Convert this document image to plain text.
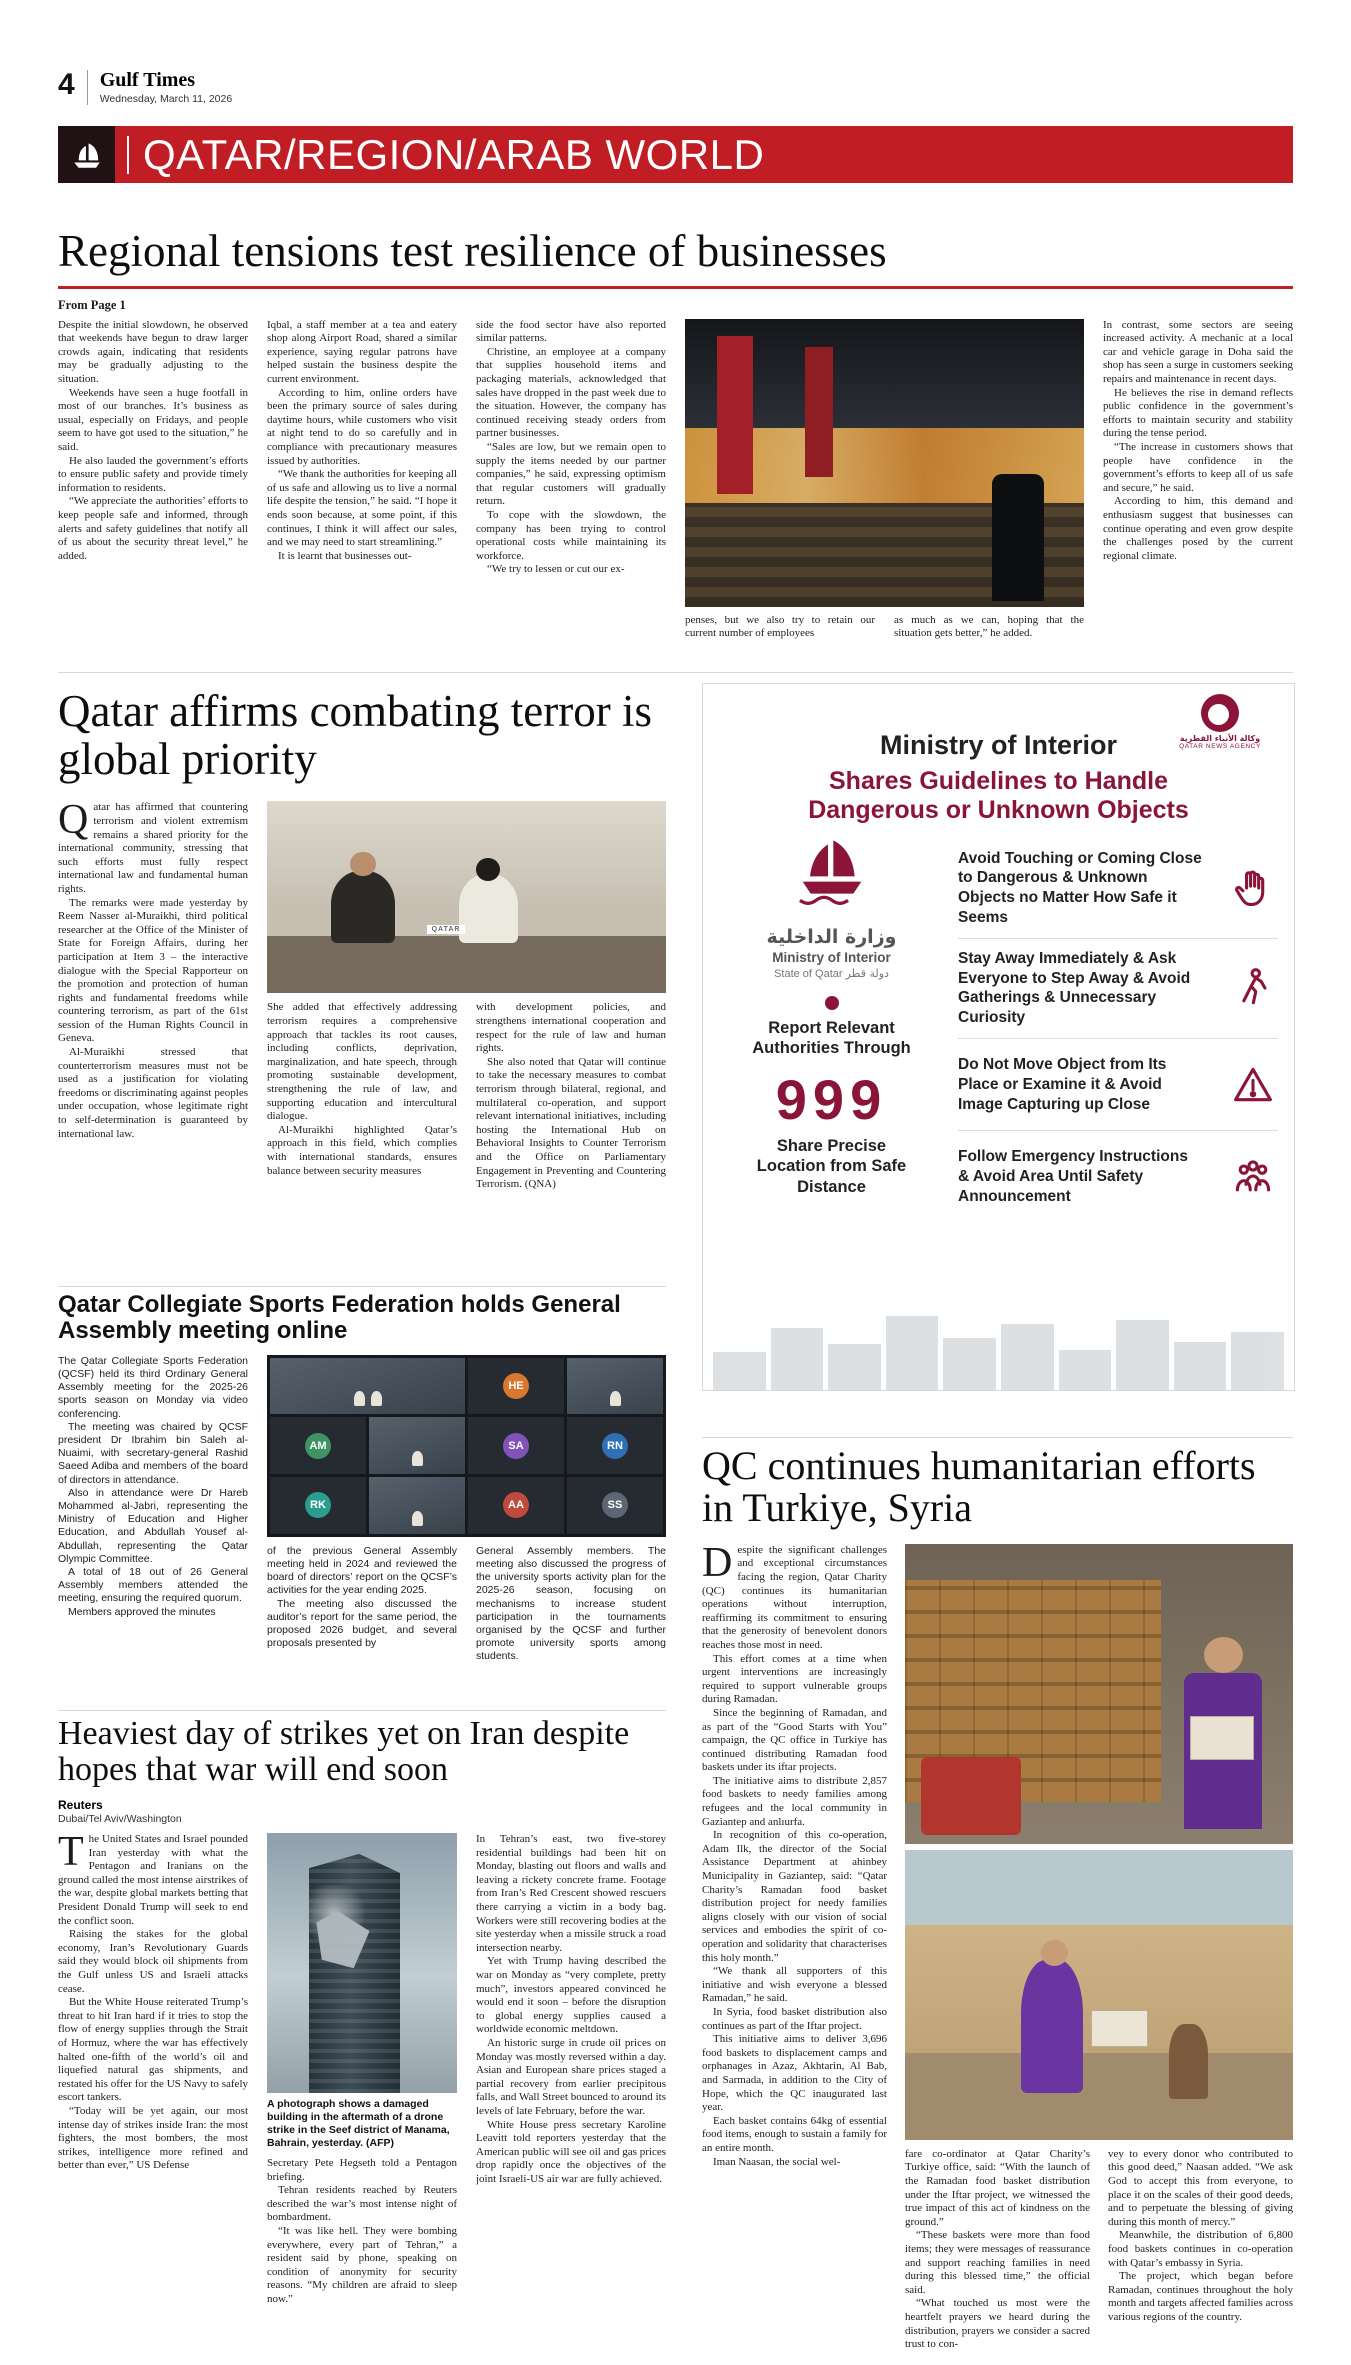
4 Gulf Times
Wednesday, March 11, 2026
QATAR/REGION/ARAB WORLD
Regional tensions test resilience of businesses
From Page 1

Despite the initial slowdown, he observed that weekends have begun to draw larger crowds again, indicating that residents may be gradually adjusting to the situation.

Weekends have seen a huge footfall in most of our branches. It’s business as usual, especially on Fridays, and people seem to have got used to the situation,” he said.

He also lauded the government’s efforts to ensure public safety and provide timely information to residents.

“We appreciate the authorities’ efforts to keep people safe and informed, through alerts and safety guidelines that notify all of us about the security threat level,” he added.

Iqbal, a staff member at a tea and eatery shop along Airport Road, shared a similar experience, saying regular patrons have helped sustain the business despite the current environment.

According to him, online orders have been the primary source of sales during daytime hours, while customers who visit at night tend to do so carefully and in compliance with precautionary measures issued by authorities.

“We thank the authorities for keeping all of us safe and allowing us to live a normal life despite the tension,” he said. “I hope it ends soon because, at some point, if this continues, I think it will affect our sales, and we may need to start streamlining.”

It is learnt that businesses out-

side the food sector have also reported similar patterns.

Christine, an employee at a company that supplies household items and packaging materials, acknowledged that sales have dropped in the past week due to the situation. However, the company has continued receiving steady orders from partner businesses.

“Sales are low, but we remain open to supply the items needed by our partner companies,” he said, expressing optimism that regular customers will gradually return.

To cope with the slowdown, the company has been trying to control operational costs while maintaining its workforce.

“We try to lessen or cut our ex-

penses, but we also try to retain our current number of employees
as much as we can, hoping that the situation gets better,” he added.

In contrast, some sectors are seeing increased activity. A mechanic at a local car and vehicle garage in Doha said the shop has seen a surge in customers seeking repairs and maintenance in recent days.

He believes the rise in demand reflects public confidence in the government’s efforts to maintain security and stability during the tense period.

“The increase in customers shows that people have confidence in the government’s efforts to keep all of us safe and secure,” he said.

According to him, this demand and enthusiasm suggest that businesses can continue operating and even grow despite the challenges posed by the current regional climate.

Qatar affirms combating terror is global priority

Qatar has affirmed that countering terrorism and violent extremism remains a shared priority for the international community, stressing that such efforts must fully respect international law and fundamental human rights.

The remarks were made yesterday by Reem Nasser al-Muraikhi, third political researcher at the Office of the Minister of State for Foreign Affairs, during her participation at Item 3 – the interactive dialogue with the Special Rapporteur on the promotion and protection of human rights and fundamental freedoms while countering terrorism, as part of the 61st session of the Human Rights Council in Geneva.

Al-Muraikhi stressed that counterterrorism measures must not be used as a justification for violating freedoms or discriminating against peoples under occupation, whose legitimate right to self-determination is guaranteed by international law.

QATAR

She added that effectively addressing terrorism requires a comprehensive approach that tackles its root causes, including conflicts, deprivation, marginalization, and hate speech, through promoting sustainable development, strengthening the rule of law, and supporting education and intercultural dialogue.

Al-Muraikhi highlighted Qatar’s approach in this field, which complies with international standards, ensures balance between security measures

with development policies, and strengthens international cooperation and respect for the rule of law and human rights.

She also noted that Qatar will continue to take the necessary measures to combat terrorism through bilateral, regional, and multilateral co-operation, and support relevant international initiatives, including hosting the International Hub on Behavioral Insights to Counter Terrorism and the Office on Parliamentary Engagement in Preventing and Countering Terrorism. (QNA)

وكالة الأنباء القطرية
QATAR NEWS AGENCY
Ministry of Interior
Shares Guidelines to Handle Dangerous or Unknown Objects
وزارة الداخلية
Ministry of Interior
State of Qatar دولة قطر
Report Relevant Authorities Through
999
Share Precise Location from Safe Distance
Avoid Touching or Coming Close to Dangerous & Unknown Objects no Matter How Safe it Seems
Stay Away Immediately & Ask Everyone to Step Away & Avoid Gatherings & Unnecessary Curiosity
Do Not Move Object from Its Place or Examine it & Avoid Image Capturing up Close
Follow Emergency Instructions & Avoid Area Until Safety Announcement
Qatar Collegiate Sports Federation holds General Assembly meeting online

The Qatar Collegiate Sports Federation (QCSF) held its third Ordinary General Assembly meeting for the 2025-26 sports season on Monday via video conferencing.

The meeting was chaired by QCSF president Dr Ibrahim bin Saleh al-Nuaimi, with secretary-general Rashid Saeed Adiba and members of the board of directors in attendance.

Also in attendance were Dr Hareb Mohammed al-Jabri, representing the Ministry of Education and Higher Education, and Abdullah Yousef al-Abdullah, representing the Qatar Olympic Committee.

A total of 18 out of 26 General Assembly members attended the meeting, ensuring the required quorum.

Members approved the minutes

HE
AM	SA	RN
RK	AA	SS

of the previous General Assembly meeting held in 2024 and reviewed the board of directors’ report on the QCSF’s activities for the year ending 2025.

The meeting also discussed the auditor’s report for the same period, the proposed 2026 budget, and several proposals presented by

General Assembly members. The meeting also discussed the progress of the university sports activity plan for the 2025-26 season, focusing on mechanisms to increase student participation in the tournaments organised by the QCSF and further promote university sports among students.

QC continues humanitarian efforts in Turkiye, Syria

Despite the significant challenges and exceptional circumstances facing the region, Qatar Charity (QC) continues its humanitarian operations without interruption, reaffirming its commitment to ensuring that the generosity of benevolent donors reaches those most in need.

This effort comes at a time when urgent interventions are increasingly required to support vulnerable groups during Ramadan.

Since the beginning of Ramadan, and as part of the “Good Starts with You” campaign, the QC office in Turkiye has continued distributing Ramadan food baskets under its iftar projects.

The initiative aims to distribute 2,857 food baskets to needy families among refugees and the local community in Gaziantep and anlıurfa.

In recognition of this co-operation, Adam Ilk, the director of the Social Assistance Department at ahinbey Municipality in Gaziantep, said: “Qatar Charity’s Ramadan food basket distribution project for needy families aligns closely with our vision of social services and embodies the spirit of co-operation and solidarity that characterises this holy month.”

“We thank all supporters of this initiative and wish everyone a blessed Ramadan,” he said.

In Syria, food basket distribution also continues as part of the Iftar project.

This initiative aims to deliver 3,696 food baskets to displacement camps and orphanages in Azaz, Akhtarin, Al Bab, and Sarmada, in addition to the City of Hope, which the QC inaugurated last year.

Each basket contains 64kg of essential food items, enough to sustain a family for an entire month.

Iman Naasan, the social wel-

fare co-ordinator at Qatar Charity’s Turkiye office, said: “With the launch of the Ramadan food basket distribution under the Iftar project, we witnessed the true impact of this act of kindness on the ground.”

“These baskets were more than food items; they were messages of reassurance and support reaching families in need during this blessed time,” the official said.

“What touched us most were the heartfelt prayers we heard during the distribution, prayers we consider a sacred trust to con-

vey to every donor who contributed to this good deed,” Naasan added. “We ask God to accept this from everyone, to place it on the scales of their good deeds, and to perpetuate the blessing of giving during this month of mercy.”

Meanwhile, the distribution of 6,800 food baskets continues in co-operation with Qatar’s embassy in Syria.

The project, which began before Ramadan, continues throughout the holy month and targets affected families across various regions of the country.

Heaviest day of strikes yet on Iran despite hopes that war will end soon
Reuters
Dubai/Tel Aviv/Washington

The United States and Israel pounded Iran yesterday with what the Pentagon and Iranians on the ground called the most intense airstrikes of the war, despite global markets betting that President Donald Trump will seek to end the conflict soon.

Raising the stakes for the global economy, Iran’s Revolutionary Guards said they would block oil shipments from the Gulf unless US and Israeli attacks cease.

But the White House reiterated Trump’s threat to hit Iran hard if it tries to stop the flow of energy supplies through the Strait of Hormuz, where the war has effectively halted one-fifth of the world’s oil and liquefied natural gas shipments, and restated his offer for the US Navy to safely escort tankers.

“Today will be yet again, our most intense day of strikes inside Iran: the most fighters, the most bombers, the most strikes, intelligence more refined and better than ever,” US Defense

A photograph shows a damaged building in the aftermath of a drone strike in the Seef district of Manama, Bahrain, yesterday. (AFP)

Secretary Pete Hegseth told a Pentagon briefing.

Tehran residents reached by Reuters described the war’s most intense night of bombardment.

“It was like hell. They were bombing everywhere, every part of Tehran,” a resident said by phone, speaking on condition of anonymity for security reasons. “My children are afraid to sleep now.”

In Tehran’s east, two five-storey residential buildings had been hit on Monday, blasting out floors and walls and leaving a rickety concrete frame. Footage from Iran’s Red Crescent showed rescuers there carrying a victim in a body bag. Workers were still recovering bodies at the site yesterday when a missile struck a road intersection nearby.

Yet with Trump having described the war on Monday as “very complete, pretty much”, investors appeared convinced he would end it soon – before the disruption to global energy supplies caused a worldwide economic meltdown.

An historic surge in crude oil prices on Monday was mostly reversed within a day. Asian and European share prices staged a partial recovery from earlier precipitous falls, and Wall Street bounced to around its levels of late February, before the war.

White House press secretary Karoline Leavitt told reporters yesterday that the American public will see oil and gas prices drop rapidly once the objectives of the joint Israeli-US air war are fully achieved.
